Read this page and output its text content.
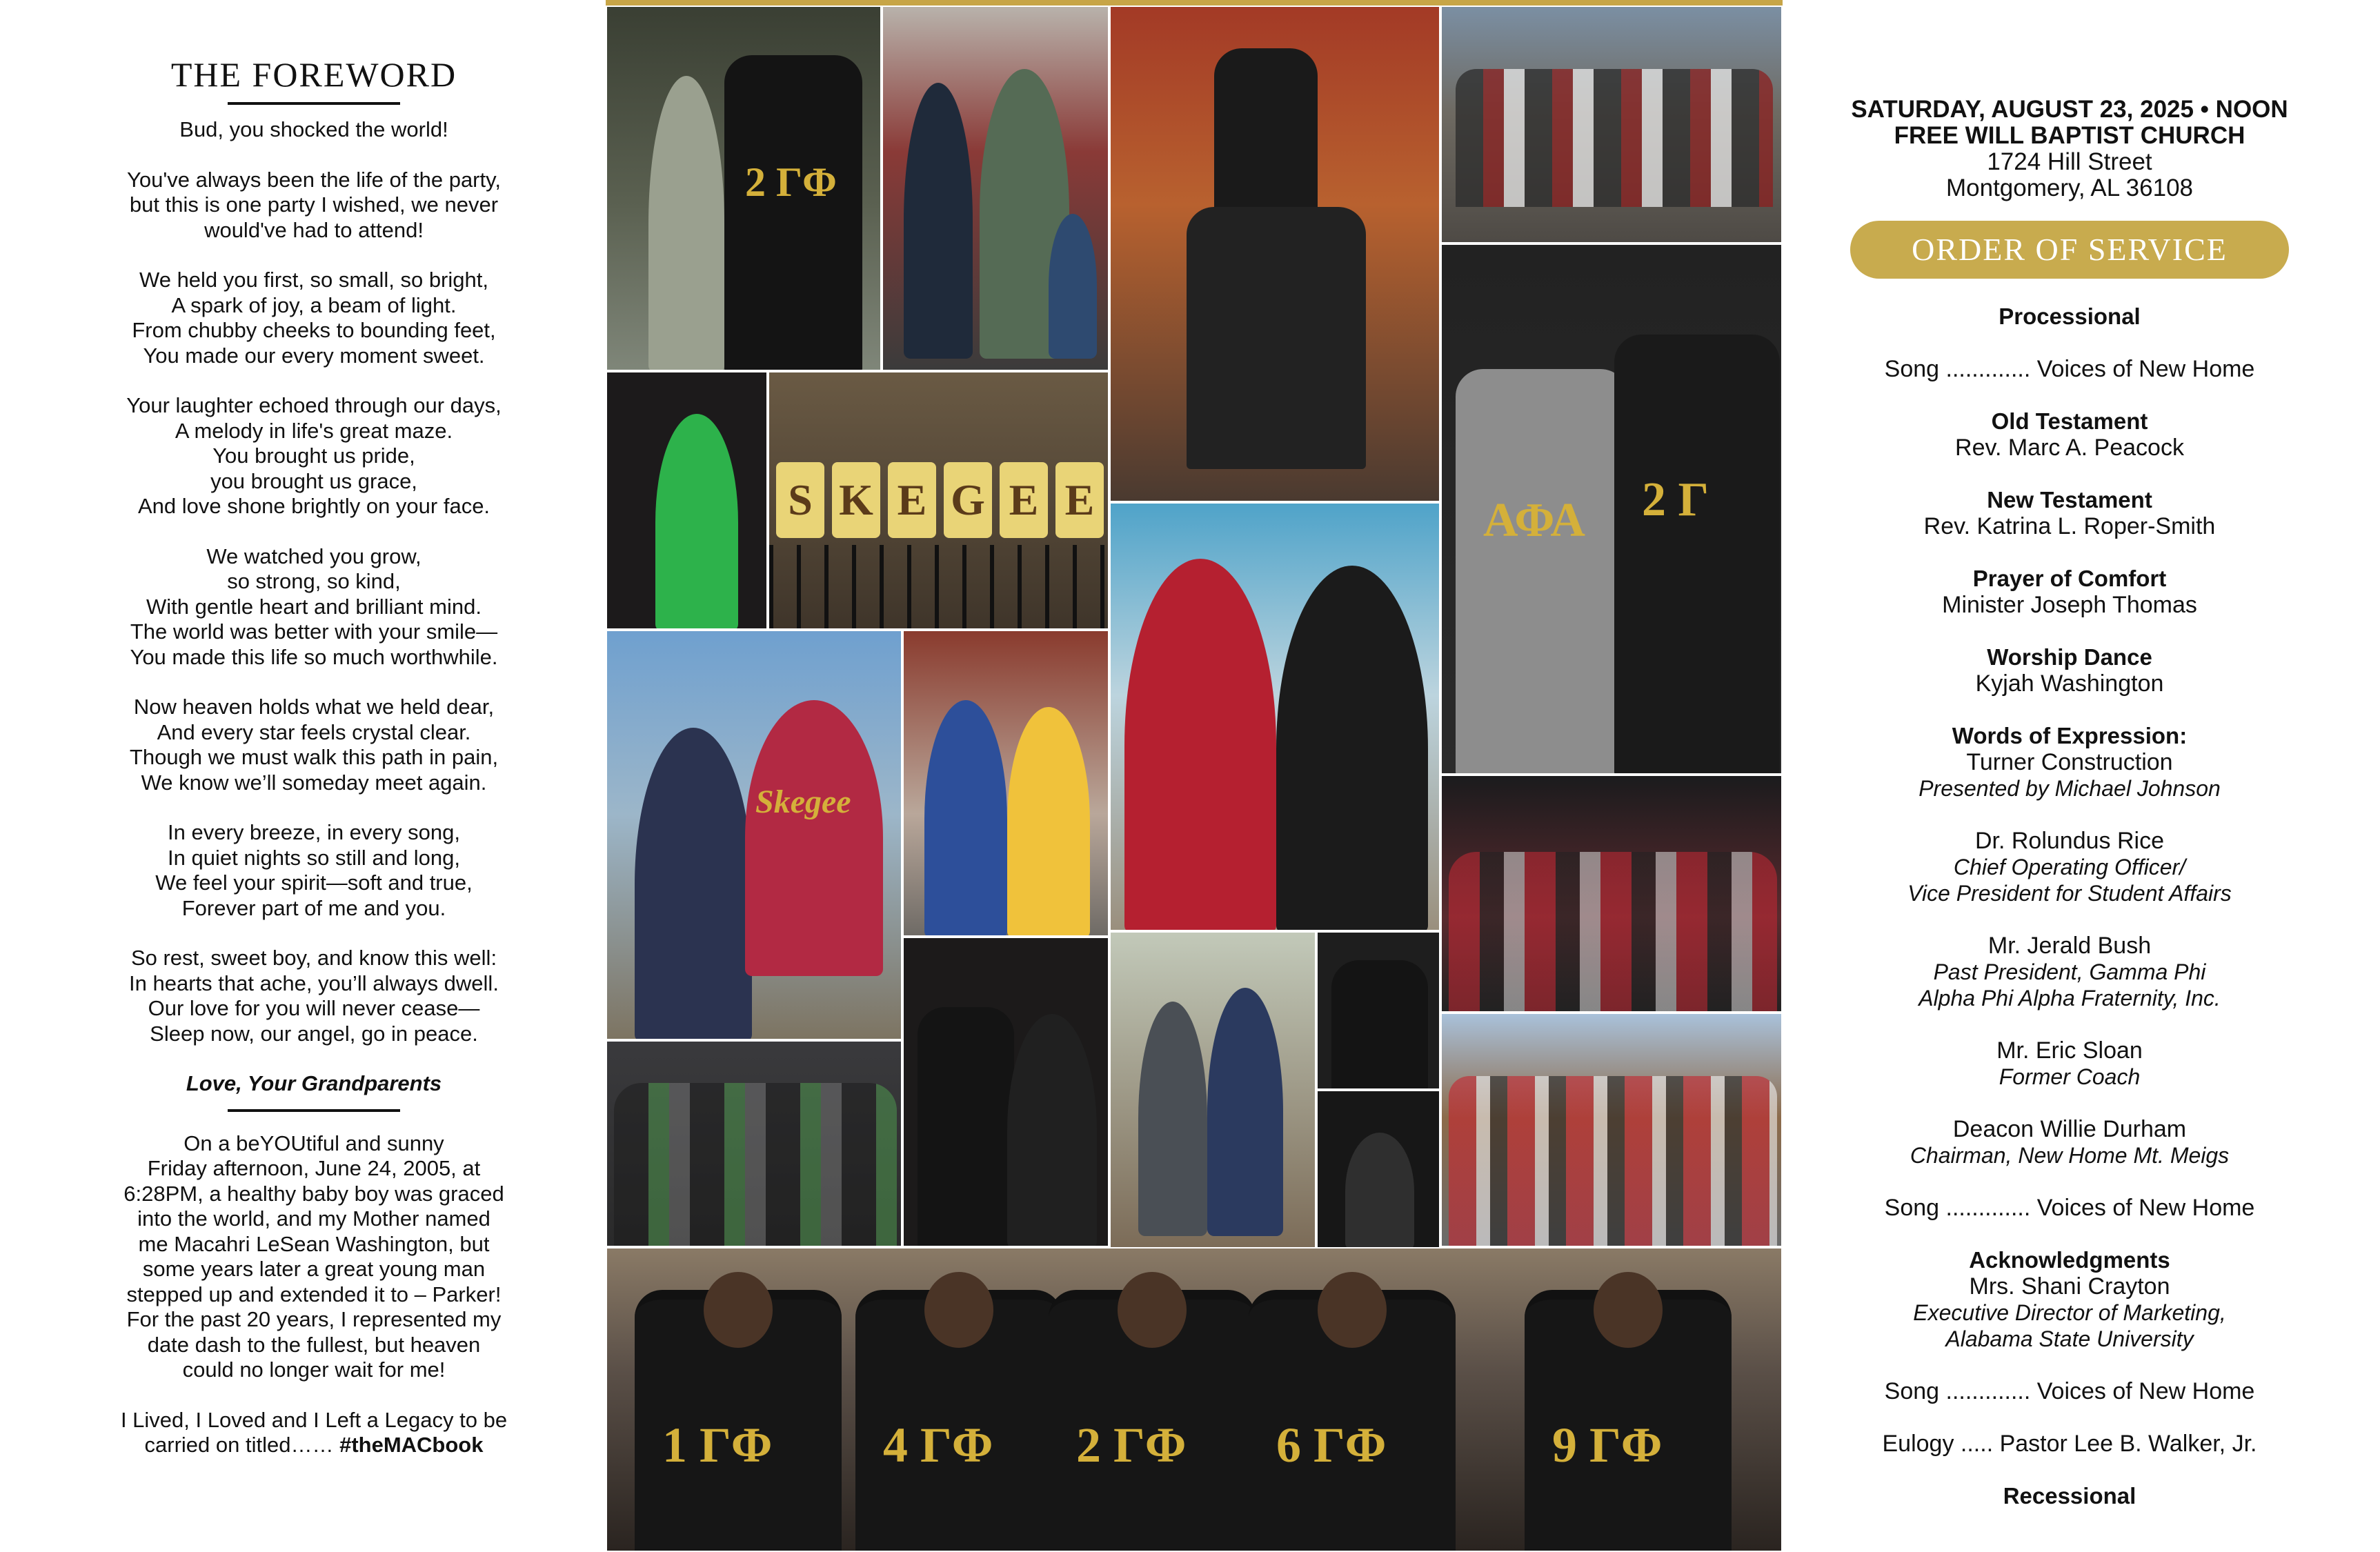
THE FOREWORD
Bud, you shocked the world!
You've always been the life of the party,
but this is one party I wished, we never
would've had to attend!
We held you first, so small, so bright,
A spark of joy, a beam of light.
From chubby cheeks to bounding feet,
You made our every moment sweet.
Your laughter echoed through our days,
A melody in life's great maze.
You brought us pride,
you brought us grace,
And love shone brightly on your face.
We watched you grow,
so strong, so kind,
With gentle heart and brilliant mind.
The world was better with your smile—
You made this life so much worthwhile.
Now heaven holds what we held dear,
And every star feels crystal clear.
Though we must walk this path in pain,
We know we’ll someday meet again.
In every breeze, in every song,
In quiet nights so still and long,
We feel your spirit—soft and true,
Forever part of me and you.
So rest, sweet boy, and know this well:
In hearts that ache, you’ll always dwell.
Our love for you will never cease—
Sleep now, our angel, go in peace.
Love, Your Grandparents
On a beYOUtiful and sunny
Friday afternoon, June 24, 2005, at
6:28PM, a healthy baby boy was graced
into the world, and my Mother named
me Macahri LeSean Washington, but
some years later a great young man
stepped up and extended it to – Parker!
For the past 20 years, I represented my
date dash to the fullest, but heaven
could no longer wait for me!
I Lived, I Loved and I Left a Legacy to be
carried on titled…… #theMACbook
2 ΓΦ
S K E G E E	ΑΦΑ 2 Γ
Skegee
1 ΓΦ 4 ΓΦ 2 ΓΦ 6 ΓΦ	9 ΓΦ
SATURDAY, AUGUST 23, 2025 • NOON
FREE WILL BAPTIST CHURCH
1724 Hill Street
Montgomery, AL 36108
ORDER OF SERVICE
Processional
Song ............. Voices of New Home
Old Testament
Rev. Marc A. Peacock
New Testament
Rev. Katrina L. Roper-Smith
Prayer of Comfort
Minister Joseph Thomas
Worship Dance
Kyjah Washington
Words of Expression:
Turner Construction
Presented by Michael Johnson
Dr. Rolundus Rice
Chief Operating Officer/
Vice President for Student Affairs
Mr. Jerald Bush
Past President, Gamma Phi
Alpha Phi Alpha Fraternity, Inc.
Mr. Eric Sloan
Former Coach
Deacon Willie Durham
Chairman, New Home Mt. Meigs
Song ............. Voices of New Home
Acknowledgments
Mrs. Shani Crayton
Executive Director of Marketing,
Alabama State University
Song ............. Voices of New Home
Eulogy ..... Pastor Lee B. Walker, Jr.
Recessional
